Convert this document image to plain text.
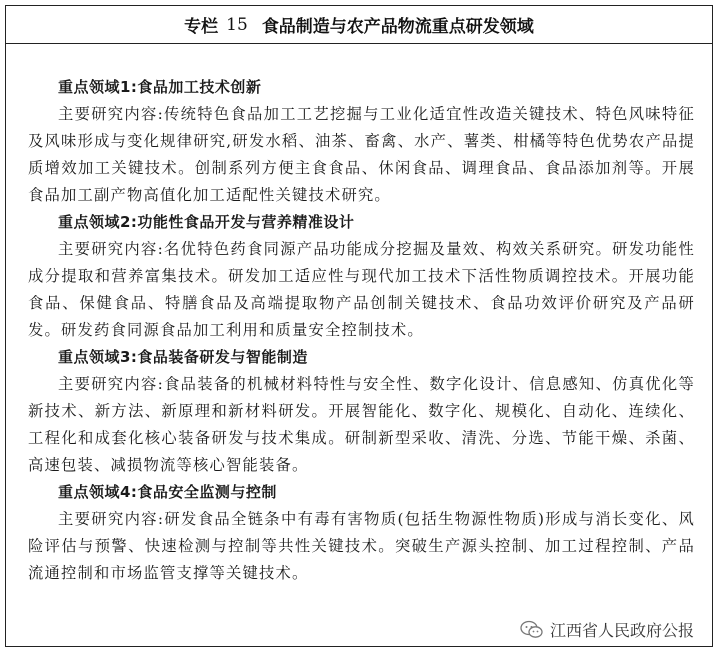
专栏 15 食品制造与农产品物流重点研发领域
重点领域1:食品加工技术创新

主要研究内容:传统特色食品加工工艺挖掘与工业化适宜性改造关键技术、特色风味特征及风味形成与变化规律研究,研发水稻、油茶、畜禽、水产、薯类、柑橘等特色优势农产品提质增效加工关键技术。创制系列方便主食食品、休闲食品、调理食品、食品添加剂等。开展食品加工副产物高值化加工适配性关键技术研究。

重点领域2:功能性食品开发与营养精准设计

主要研究内容:名优特色药食同源产品功能成分挖掘及量效、构效关系研究。研发功能性成分提取和营养富集技术。研发加工适应性与现代加工技术下活性物质调控技术。开展功能食品、保健食品、特膳食品及高端提取物产品创制关键技术、食品功效评价研究及产品研发。研发药食同源食品加工利用和质量安全控制技术。

重点领域3:食品装备研发与智能制造

主要研究内容:食品装备的机械材料特性与安全性、数字化设计、信息感知、仿真优化等新技术、新方法、新原理和新材料研发。开展智能化、数字化、规模化、自动化、连续化、工程化和成套化核心装备研发与技术集成。研制新型采收、清洗、分选、节能干燥、杀菌、高速包装、减损物流等核心智能装备。

重点领域4:食品安全监测与控制

主要研究内容:研发食品全链条中有毒有害物质(包括生物源性物质)形成与消长变化、风险评估与预警、快速检测与控制等共性关键技术。突破生产源头控制、加工过程控制、产品流通控制和市场监管支撑等关键技术。

江西省人民政府公报
